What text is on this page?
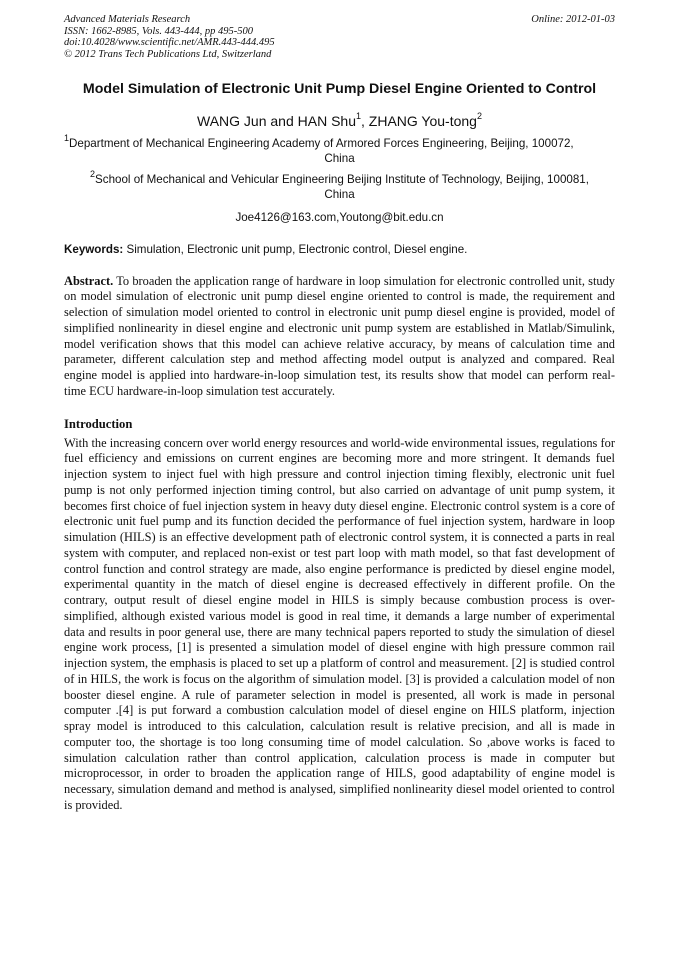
Advanced Materials Research
ISSN: 1662-8985, Vols. 443-444, pp 495-500
doi:10.4028/www.scientific.net/AMR.443-444.495
© 2012 Trans Tech Publications Ltd, Switzerland
Online: 2012-01-03
Model Simulation of Electronic Unit Pump Diesel Engine Oriented to Control
WANG Jun and HAN Shu$^1$, ZHANG You-tong$^2$
$^1$Department of Mechanical Engineering Academy of Armored Forces Engineering, Beijing, 100072,
China
$^2$School of Mechanical and Vehicular Engineering Beijing Institute of Technology, Beijing, 100081,
China
Joe4126@163.com,Youtong@bit.edu.cn
Keywords: Simulation, Electronic unit pump, Electronic control, Diesel engine.
Abstract. To broaden the application range of hardware in loop simulation for electronic controlled unit, study on model simulation of electronic unit pump diesel engine oriented to control is made, the requirement and selection of simulation model oriented to control in electronic unit pump diesel engine is provided, model of simplified nonlinearity in diesel engine and electronic unit pump system are established in Matlab/Simulink, model verification shows that this model can achieve relative accuracy, by means of calculation time and parameter, different calculation step and method affecting model output is analyzed and compared. Real engine model is applied into hardware-in-loop simulation test, its results show that model can perform real-time ECU hardware-in-loop simulation test accurately.
Introduction
With the increasing concern over world energy resources and world-wide environmental issues, regulations for fuel efficiency and emissions on current engines are becoming more and more stringent. It demands fuel injection system to inject fuel with high pressure and control injection timing flexibly, electronic unit fuel pump is not only performed injection timing control, but also carried on advantage of unit pump system, it becomes first choice of fuel injection system in heavy duty diesel engine. Electronic control system is a core of electronic unit fuel pump and its function decided the performance of fuel injection system, hardware in loop simulation (HILS) is an effective development path of electronic control system, it is connected a parts in real system with computer, and replaced non-exist or test part loop with math model, so that fast development of control function and control strategy are made, also engine performance is predicted by diesel engine model, experimental quantity in the match of diesel engine is decreased effectively in different profile. On the contrary, output result of diesel engine model in HILS is simply because combustion process is over-simplified, although existed various model is good in real time, it demands a large number of experimental data and results in poor general use, there are many technical papers reported to study the simulation of diesel engine work process, [1] is presented a simulation model of diesel engine with high pressure common rail injection system, the emphasis is placed to set up a platform of control and measurement. [2] is studied control of in HILS, the work is focus on the algorithm of simulation model. [3] is provided a calculation model of non booster diesel engine. A rule of parameter selection in model is presented, all work is made in personal computer .[4] is put forward a combustion calculation model of diesel engine on HILS platform, injection spray model is introduced to this calculation, calculation result is relative precision, and all is made in computer too, the shortage is too long consuming time of model calculation. So ,above works is faced to simulation calculation rather than control application, calculation process is made in computer but microprocessor, in order to broaden the application range of HILS, good adaptability of engine model is necessary, simulation demand and method is analysed, simplified nonlinearity diesel model oriented to control is provided.
